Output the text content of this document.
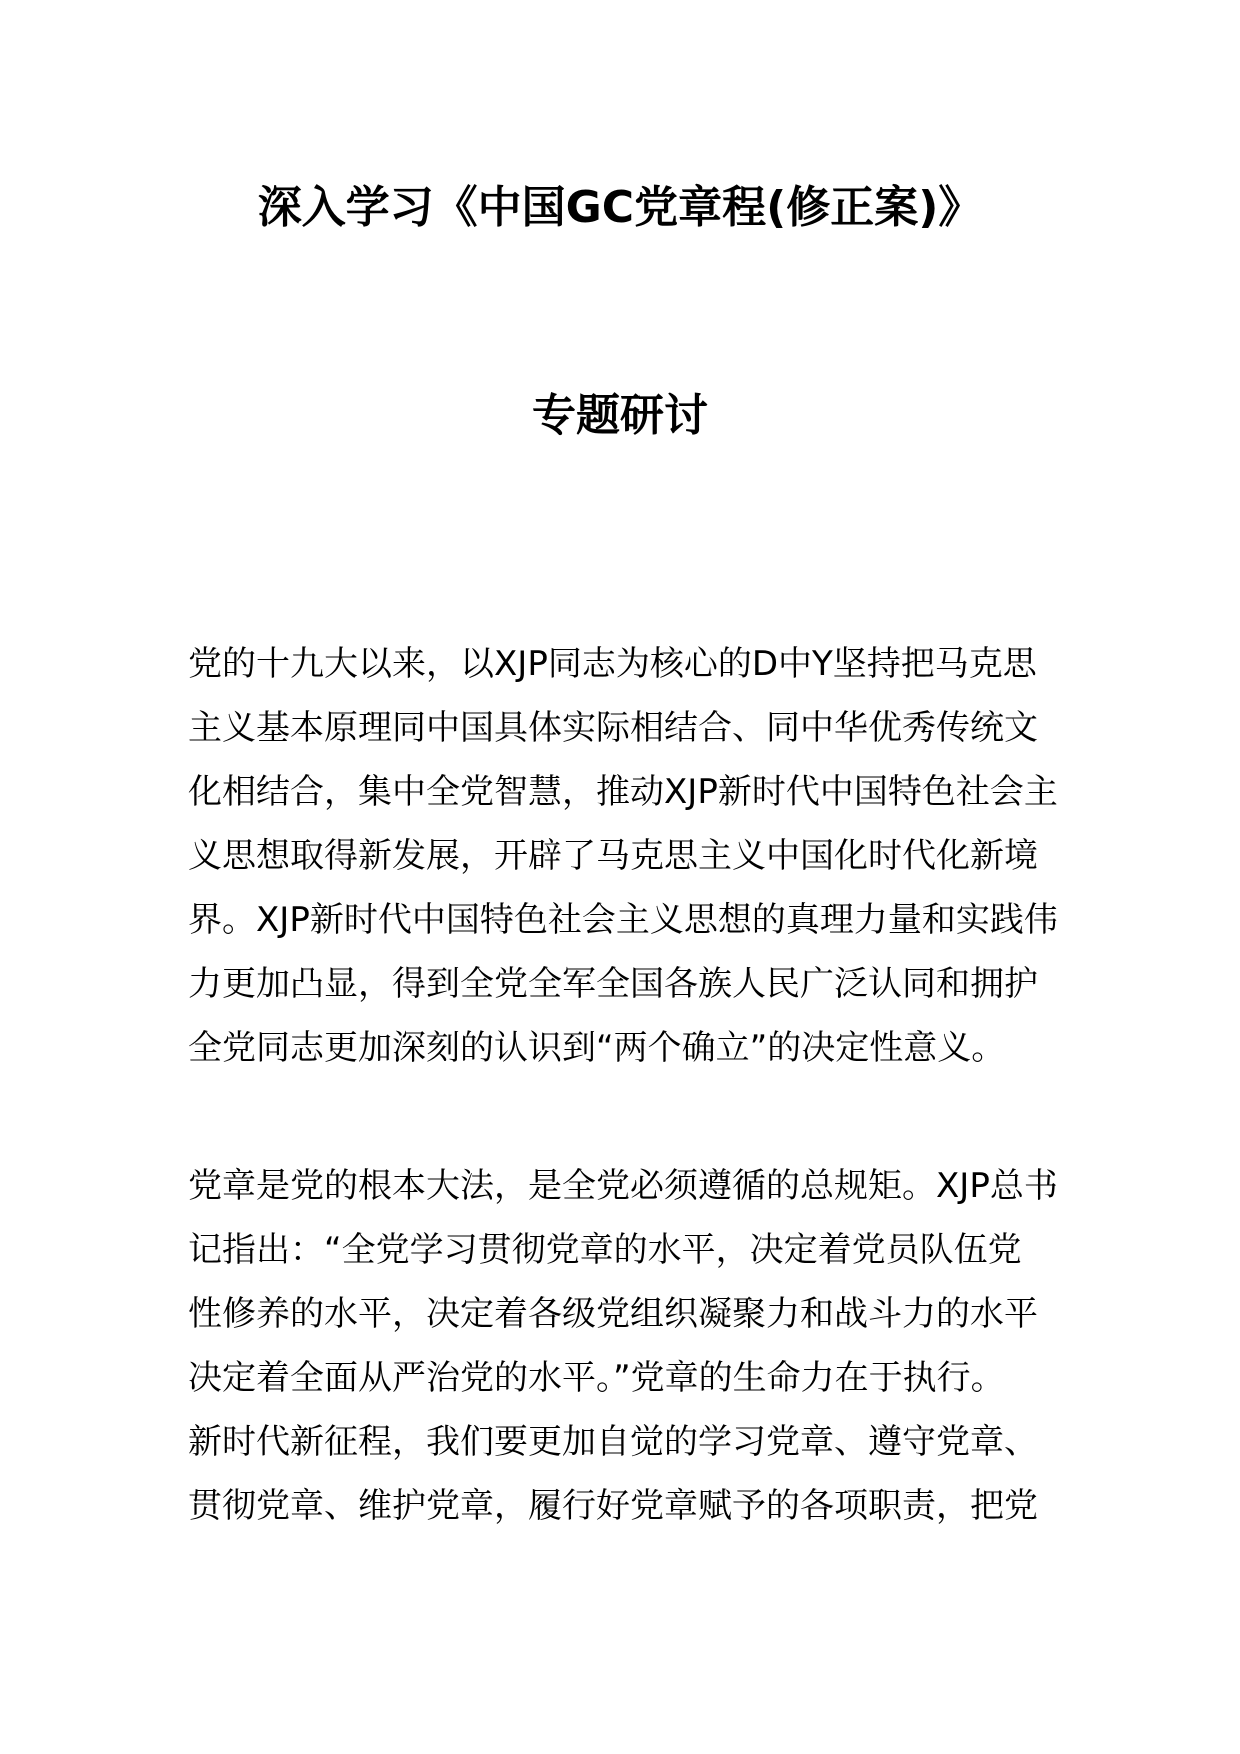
深入学习《中国GC党章程(修正案)》
专题研讨
党的十九大以来，以XJP同志为核心的D中Y坚持把马克思
主义基本原理同中国具体实际相结合、同中华优秀传统文
化相结合，集中全党智慧，推动XJP新时代中国特色社会主
义思想取得新发展，开辟了马克思主义中国化时代化新境
界。XJP新时代中国特色社会主义思想的真理力量和实践伟
力更加凸显，得到全党全军全国各族人民广泛认同和拥护
全党同志更加深刻的认识到“两个确立”的决定性意义。
党章是党的根本大法，是全党必须遵循的总规矩。XJP总书
记指出：“全党学习贯彻党章的水平，决定着党员队伍党
性修养的水平，决定着各级党组织凝聚力和战斗力的水平
决定着全面从严治党的水平。”党章的生命力在于执行。
新时代新征程，我们要更加自觉的学习党章、遵守党章、
贯彻党章、维护党章，履行好党章赋予的各项职责，把党
